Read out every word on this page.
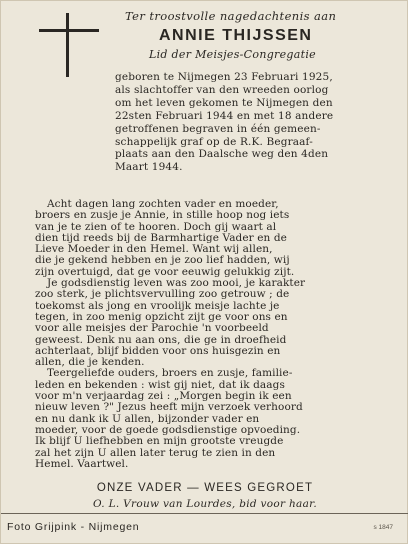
Ter troostvolle nagedachtenis aan
ANNIE THIJSSEN
Lid der Meisjes-Congregatie
geboren te Nijmegen 23 Februari 1925,
als slachtoffer van den wreeden oorlog
om het leven gekomen te Nijmegen den
22sten Februari 1944 en met 18 andere
getroffenen begraven in één gemeen-
schappelijk graf op de R.K. Begraaf-
plaats aan den Daalsche weg den 4den
Maart 1944.
Acht dagen lang zochten vader en moeder,
broers en zusje je Annie, in stille hoop nog iets
van je te zien of te hooren. Doch gij waart al
dien tijd reeds bij de Barmhartige Vader en de
Lieve Moeder in den Hemel. Want wij allen,
die je gekend hebben en je zoo lief hadden, wij
zijn overtuigd, dat ge voor eeuwig gelukkig zijt.
Je godsdienstig leven was zoo mooi, je karakter
zoo sterk, je plichtsvervulling zoo getrouw ; de
toekomst als jong en vroolijk meisje lachte je
tegen, in zoo menig opzicht zijt ge voor ons en
voor alle meisjes der Parochie 'n voorbeeld
geweest. Denk nu aan ons, die ge in droefheid
achterlaat, blijf bidden voor ons huisgezin en
allen, die je kenden.
Teergeliefde ouders, broers en zusje, familie-
leden en bekenden : wist gij niet, dat ik daags
voor m'n verjaardag zei : „Morgen begin ik een
nieuw leven ?" Jezus heeft mijn verzoek verhoord
en nu dank ik U allen, bijzonder vader en
moeder, voor de goede godsdienstige opvoeding.
Ik blijf U liefhebben en mijn grootste vreugde
zal het zijn U allen later terug te zien in den
Hemel. Vaartwel.
ONZE VADER — WEES GEGROET
O. L. Vrouw van Lourdes, bid voor haar.
Foto Grijpink - Nijmegen	s 1847
